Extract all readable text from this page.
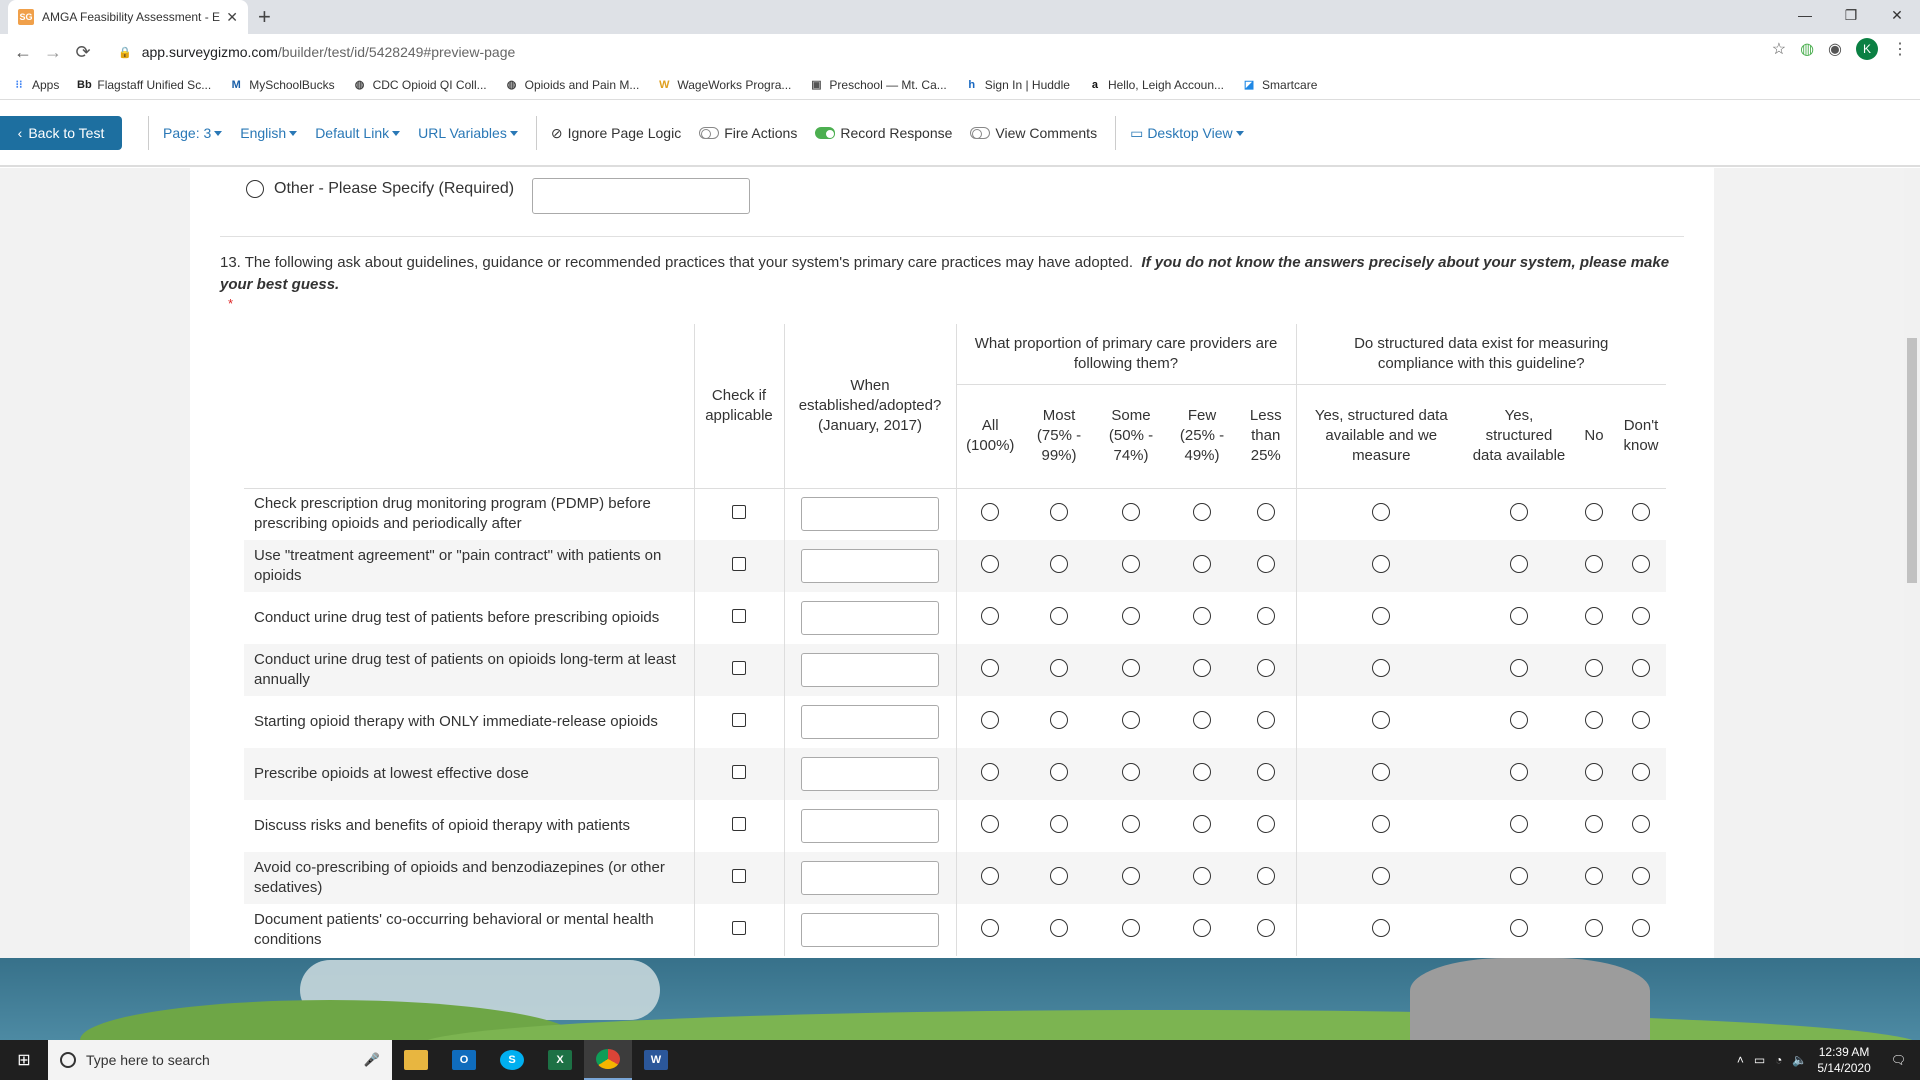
SG AMGA Feasibility Assessment - E ✕ +	—	❐	✕
← → ⟳	🔒 app.surveygizmo.com /builder/test/id/5428249#preview-page	☆ ◍ ◉	K	⋮
⁝⁝ Apps Bb Flagstaff Unified Sc... M MySchoolBucks ◍ CDC Opioid QI Coll... ◍ Opioids and Pain M... W WageWorks Progra... ▣ Preschool — Mt. Ca...	h Sign In | Huddle	a Hello, Leigh Accoun... ◪ Smartcare
‹ Back to Test	Page: 3 English Default Link URL Variables	⊘ Ignore Page Logic	Fire Actions	Record Response	View Comments ▭ Desktop View
Other - Please Specify (Required)
13. The following ask about guidelines, guidance or recommended practices that your system's primary care practices may have adopted. If you do not know the answers precisely about your system, please make your best guess.
*
	Check if applicable	When established/adopted? (January, 2017)	What proportion of primary care providers are following them?					Do structured data exist for measuring compliance with this guideline?			
			All (100%)	Most (75% - 99%)	Some (50% - 74%)	Few (25% - 49%)	Less than 25%	Yes, structured data available and we measure	Yes, structured data available	No	Don't know
Check prescription drug monitoring program (PDMP) before prescribing opioids and periodically after											
Use "treatment agreement" or "pain contract" with patients on opioids											
Conduct urine drug test of patients before prescribing opioids											
Conduct urine drug test of patients on opioids long-term at least annually											
Starting opioid therapy with ONLY immediate-release opioids											
Prescribe opioids at lowest effective dose											
Discuss risks and benefits of opioid therapy with patients											
Avoid co-prescribing of opioids and benzodiazepines (or other sedatives)											
Document patients' co-occurring behavioral or mental health conditions											
⊞	Type here to search	🎤	O	S	X	W	˄ ▭ ◔ 🔈
12:39 AM
5/14/2020
🗨
